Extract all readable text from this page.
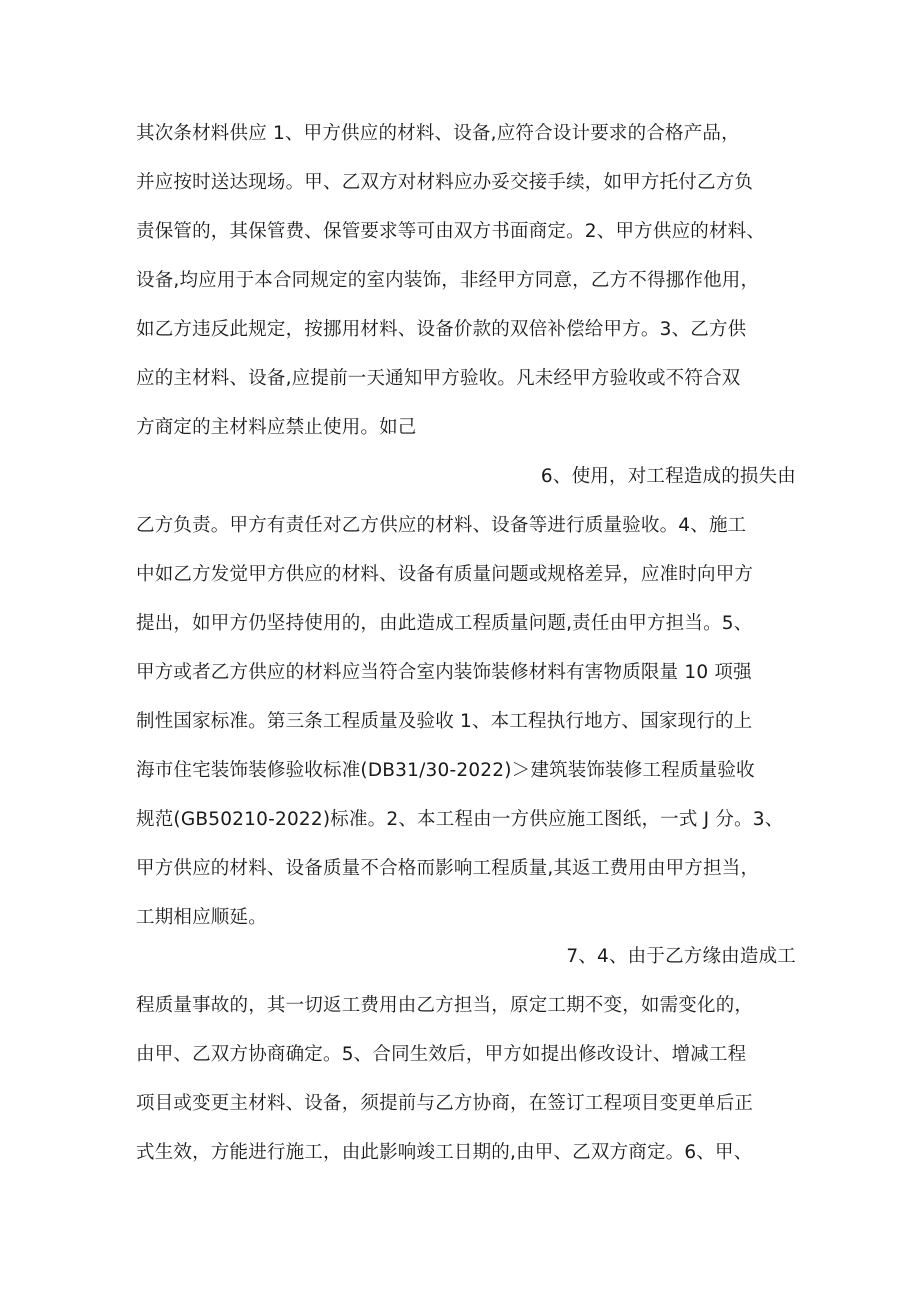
其次条材料供应 1、甲方供应的材料、设备,应符合设计要求的合格产品，
并应按时送达现场。甲、乙双方对材料应办妥交接手续，如甲方托付乙方负
责保管的，其保管费、保管要求等可由双方书面商定。2、甲方供应的材料、
设备,均应用于本合同规定的室内装饰，非经甲方同意，乙方不得挪作他用，
如乙方违反此规定，按挪用材料、设备价款的双倍补偿给甲方。3、乙方供
应的主材料、设备,应提前一天通知甲方验收。凡未经甲方验收或不符合双
方商定的主材料应禁止使用。如己
6、使用，对工程造成的损失由
乙方负责。甲方有责任对乙方供应的材料、设备等进行质量验收。4、施工
中如乙方发觉甲方供应的材料、设备有质量问题或规格差异，应准时向甲方
提出，如甲方仍坚持使用的，由此造成工程质量问题,责任由甲方担当。5、
甲方或者乙方供应的材料应当符合室内装饰装修材料有害物质限量 10 项强
制性国家标准。第三条工程质量及验收 1、本工程执行地方、国家现行的上
海市住宅装饰装修验收标准(DB31∕30-2022)＞建筑装饰装修工程质量验收
规范(GB50210-2022)标准。2、本工程由一方供应施工图纸，一式 J 分。3、
甲方供应的材料、设备质量不合格而影响工程质量,其返工费用由甲方担当，
工期相应顺延。
7、4、由于乙方缘由造成工
程质量事故的，其一切返工费用由乙方担当，原定工期不变，如需变化的，
由甲、乙双方协商确定。5、合同生效后，甲方如提出修改设计、增减工程
项目或变更主材料、设备，须提前与乙方协商，在签订工程项目变更单后正
式生效，方能进行施工，由此影响竣工日期的,由甲、乙双方商定。6、甲、
